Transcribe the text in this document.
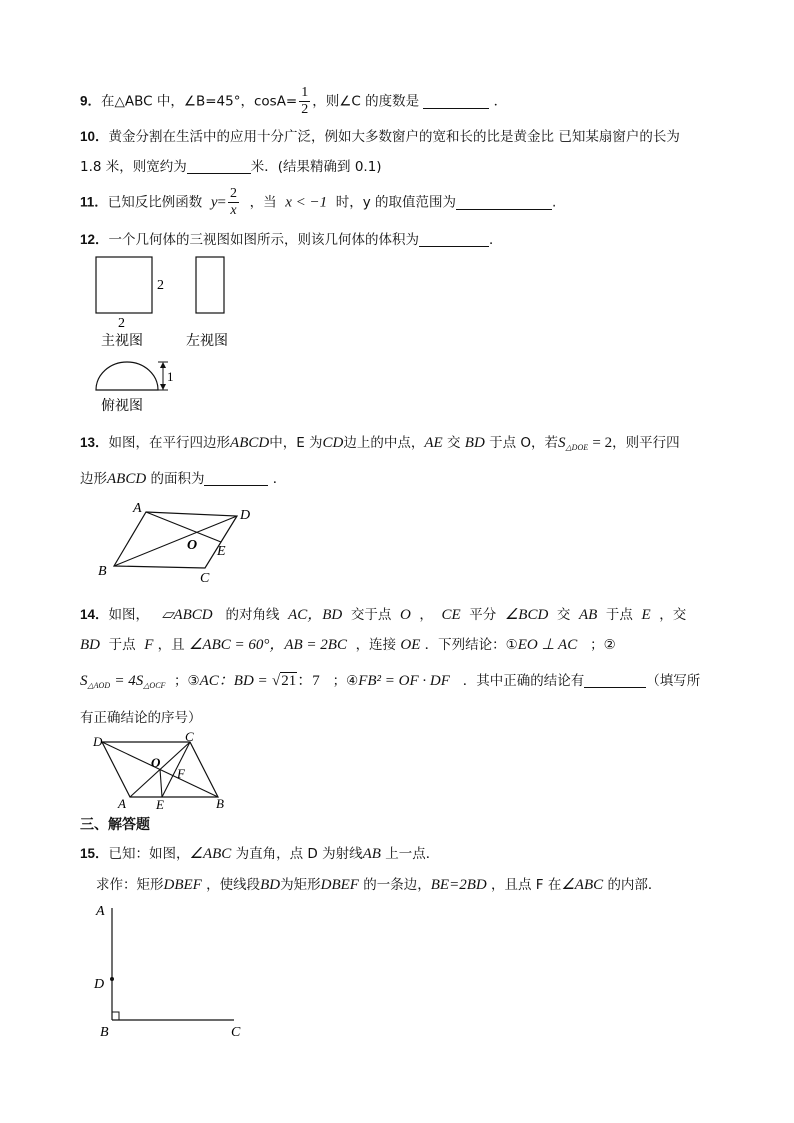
9．在△ABC 中，∠B=45°，$\cos A= \frac{1}{2}$ ，则∠C 的度数是	．
10．黄金分割在生活中的应用十分广泛，例如大多数窗户的宽和长的比是黄金比 已知某扇窗户的长为
1.8 米，则宽约为	米．(结果精确到 0.1)
11．已知反比例函数 $y= \frac{2}{x}$ ，当 x < −1 时，y 的取值范围为	.
12．一个几何体的三视图如图所示，则该几何体的体积为	．
2
2
主视图	左视图
1
俯视图
13．如图，在平行四边形ABCD中，E 为CD边上的中点，AE 交 BD 于点 O，若$S_{\triangle DOE} = 2$，则平行四
边形ABCD 的面积为	．
A	D
O E
B	C
14．如图， ▱ABCD 的对角线 AC，BD 交于点 O ， CE 平分 ∠BCD 交 AB 于点 E ，交
BD 于点 F ，且 ∠ABC = 60°，AB = 2BC ，连接 OE ．下列结论：①EO ⊥ AC ；②
$S_{\triangle AOD} = 4S_{\triangle OCF}$ ；③AC：BD = √21：7 ；④FB² = OF · DF ．其中正确的结论有	（填写所
有正确结论的序号）
D	C
O
F
A E	B
三、解答题
15．已知：如图，∠ABC 为直角，点 D 为射线AB 上一点．
求作：矩形DBEF ，使线段BD为矩形DBEF 的一条边，BE=2BD ，且点 F 在∠ABC 的内部．
A
D
B	C
